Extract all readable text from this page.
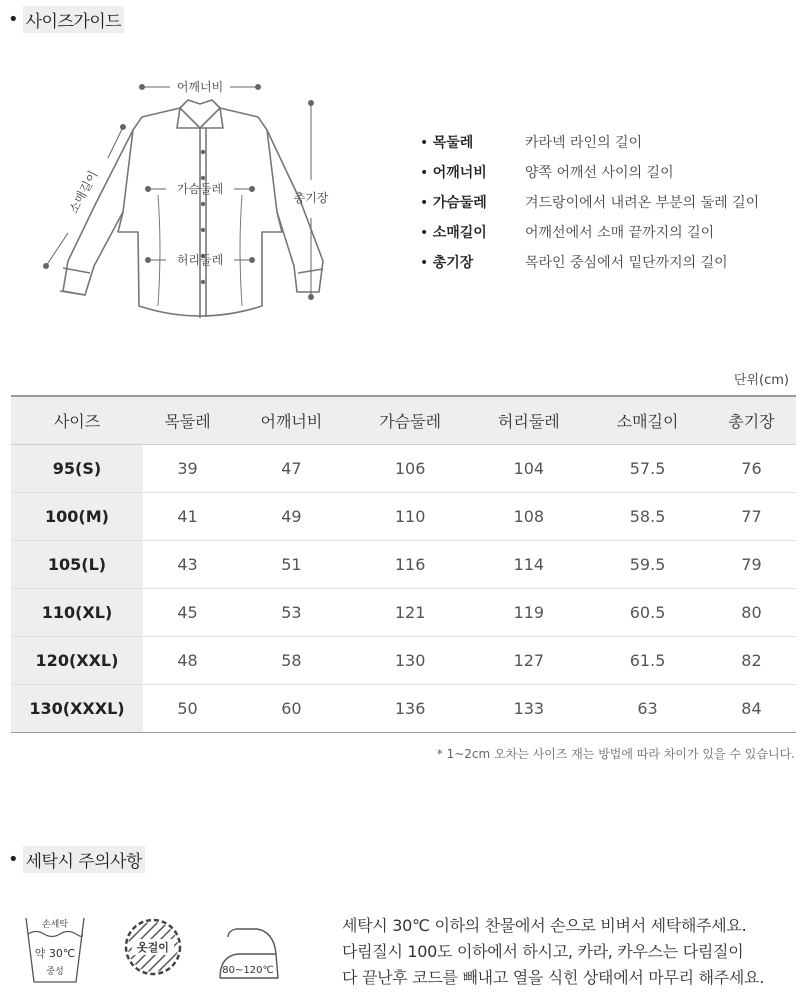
• 사이즈가이드
어깨너비
가슴둘레
허리둘레
소매길이	총기장
• 목둘레	카라넥 라인의 길이
• 어깨너비	양쪽 어깨선 사이의 길이
• 가슴둘레	겨드랑이에서 내려온 부분의 둘레 길이
• 소매길이	어깨선에서 소매 끝까지의 길이
• 총기장	목라인 중심에서 밑단까지의 길이
단위(cm)
사이즈	목둘레	어깨너비	가슴둘레	허리둘레	소매길이	총기장
95(S)	39	47	106	104	57.5	76
100(M)	41	49	110	108	58.5	77
105(L)	43	51	116	114	59.5	79
110(XL)	45	53	121	119	60.5	80
120(XXL)	48	58	130	127	61.5	82
130(XXXL)	50	60	136	133	63	84
* 1~2cm 오차는 사이즈 재는 방법에 따라 차이가 있을 수 있습니다.
• 세탁시 주의사항
손세탁
약 30℃
중성
옷걸이
80~120℃

세탁시 30℃ 이하의 찬물에서 손으로 비벼서 세탁해주세요.

다림질시 100도 이하에서 하시고, 카라, 카우스는 다림질이

다 끝난후 코드를 빼내고 열을 식힌 상태에서 마무리 해주세요.
